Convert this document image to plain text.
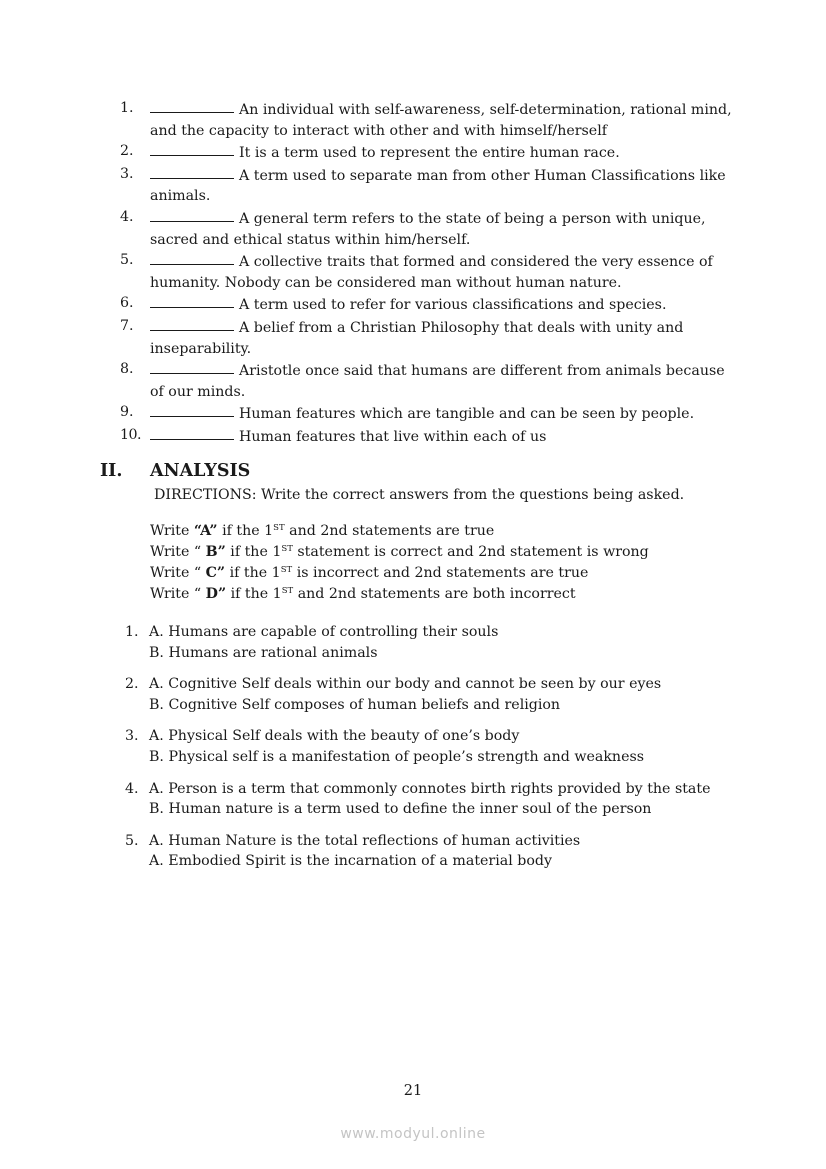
1.	An individual with self-awareness, self-determination, rational mind, and the capacity to interact with other and with himself/herself
2.	It is a term used to represent the entire human race.
3.	A term used to separate man from other Human Classifications like animals.
4.	A general term refers to the state of being a person with unique, sacred and ethical status within him/herself.
5.	A collective traits that formed and considered the very essence of humanity. Nobody can be considered man without human nature.
6.	A term used to refer for various classifications and species.
7.	A belief from a Christian Philosophy that deals with unity and inseparability.
8.	Aristotle once said that humans are different from animals because of our minds.
9.	Human features which are tangible and can be seen by people.
10.	Human features that live within each of us
II. ANALYSIS
DIRECTIONS: Write the correct answers from the questions being asked.
Write “A” if the 1ST and 2nd statements are true
Write “ B” if the 1ST statement is correct and 2nd statement is wrong
Write “ C” if the 1ST is incorrect and 2nd statements are true
Write “ D” if the 1ST and 2nd statements are both incorrect
1. A. Humans are capable of controlling their souls
B. Humans are rational animals
2. A. Cognitive Self deals within our body and cannot be seen by our eyes
B. Cognitive Self composes of human beliefs and religion
3. A. Physical Self deals with the beauty of one’s body
B. Physical self is a manifestation of people’s strength and weakness
4. A. Person is a term that commonly connotes birth rights provided by the state
B. Human nature is a term used to define the inner soul of the person
5. A. Human Nature is the total reflections of human activities
A. Embodied Spirit is the incarnation of a material body
21
www.modyul.online
